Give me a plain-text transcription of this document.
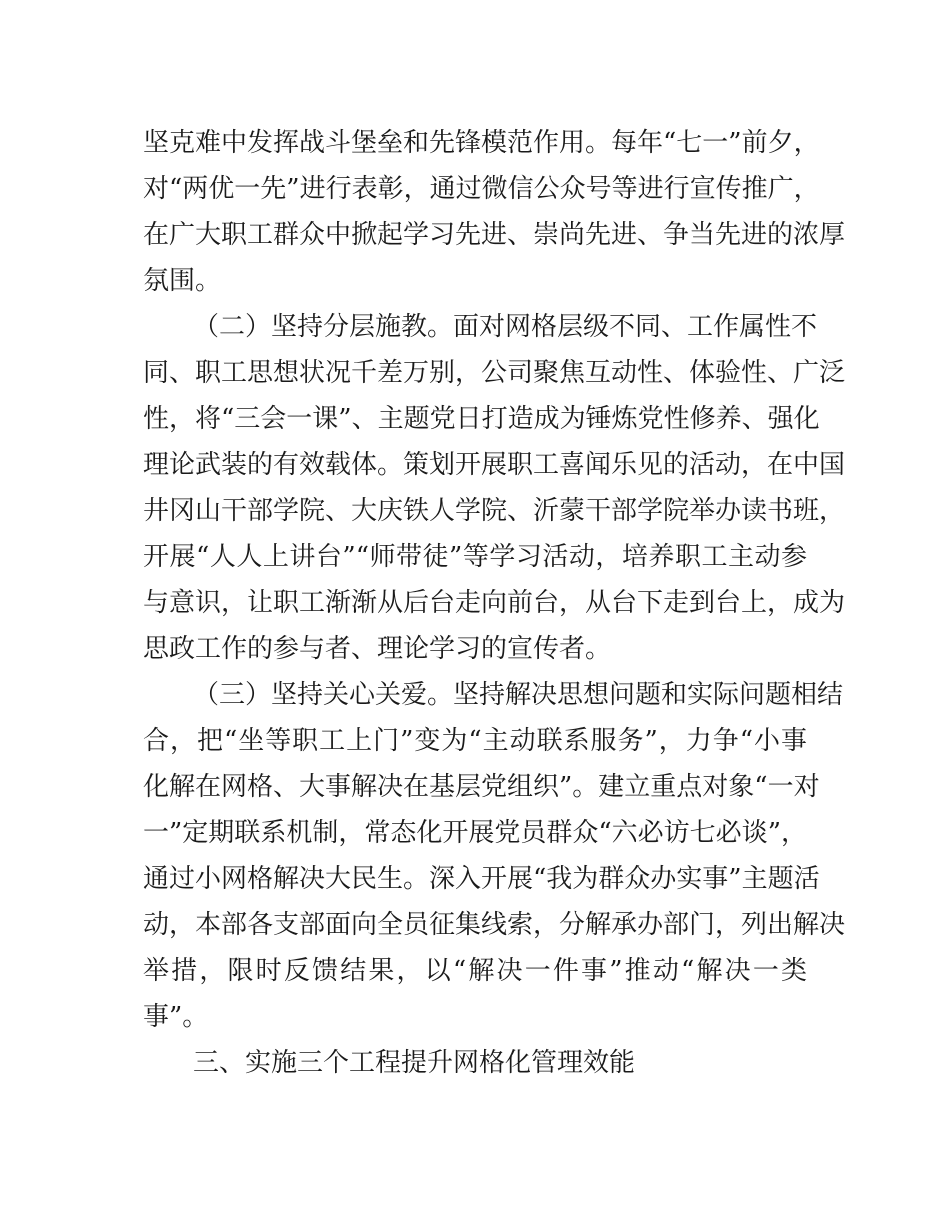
坚克难中发挥战斗堡垒和先锋模范作用。每年“七一”前夕，
对“两优一先”进行表彰，通过微信公众号等进行宣传推广，
在广大职工群众中掀起学习先进、崇尚先进、争当先进的浓厚
氛围。
（二）坚持分层施教。面对网格层级不同、工作属性不
同、职工思想状况千差万别，公司聚焦互动性、体验性、广泛
性，将“三会一课”、主题党日打造成为锤炼党性修养、强化
理论武装的有效载体。策划开展职工喜闻乐见的活动，在中国
井冈山干部学院、大庆铁人学院、沂蒙干部学院举办读书班，
开展“人人上讲台”“师带徒”等学习活动，培养职工主动参
与意识，让职工渐渐从后台走向前台，从台下走到台上，成为
思政工作的参与者、理论学习的宣传者。
（三）坚持关心关爱。坚持解决思想问题和实际问题相结
合，把“坐等职工上门”变为“主动联系服务”，力争“小事
化解在网格、大事解决在基层党组织”。建立重点对象“一对
一”定期联系机制，常态化开展党员群众“六必访七必谈”，
通过小网格解决大民生。深入开展“我为群众办实事”主题活
动，本部各支部面向全员征集线索，分解承办部门，列出解决
举措，限时反馈结果，以“解决一件事”推动“解决一类
事”。
三、实施三个工程提升网格化管理效能
